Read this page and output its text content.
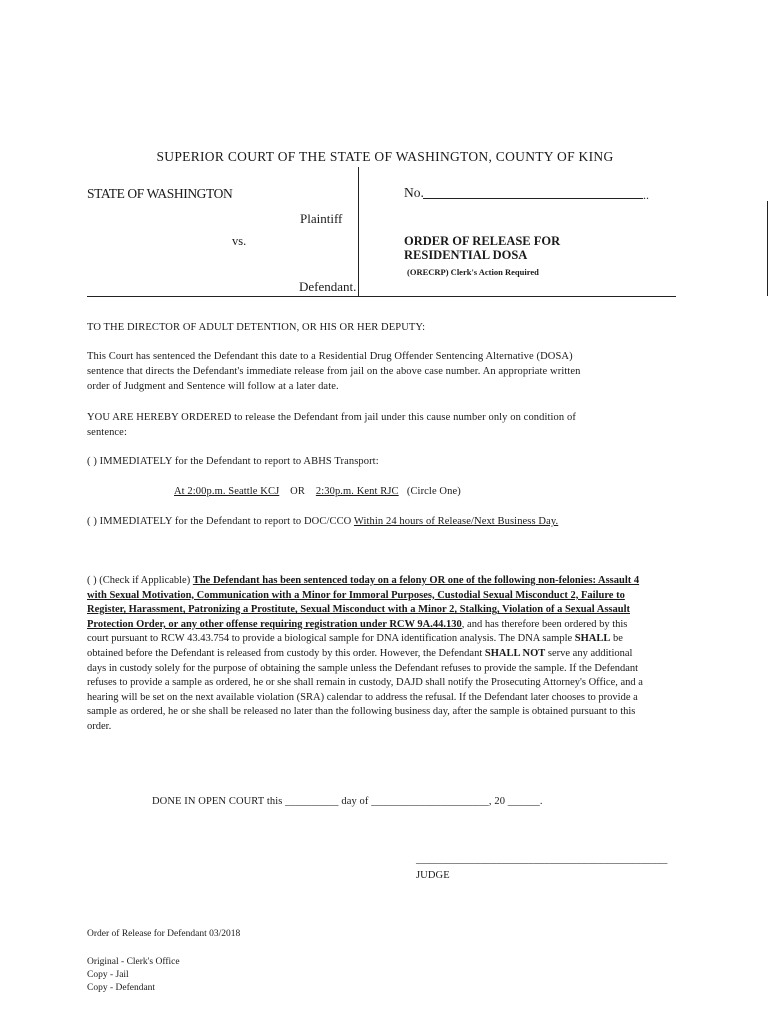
SUPERIOR COURT OF THE STATE OF WASHINGTON, COUNTY OF KING
STATE OF WASHINGTON	No.	..
Plaintiff
vs.	ORDER OF RELEASE FOR
RESIDENTIAL DOSA
(ORECRP) Clerk's Action Required
Defendant.
TO THE DIRECTOR OF ADULT DETENTION, OR HIS OR HER DEPUTY:
This Court has sentenced the Defendant this date to a Residential Drug Offender Sentencing Alternative (DOSA)
sentence that directs the Defendant's immediate release from jail on the above case number. An appropriate written
order of Judgment and Sentence will follow at a later date.
YOU ARE HEREBY ORDERED to release the Defendant from jail under this cause number only on condition of
sentence:
( ) IMMEDIATELY for the Defendant to report to ABHS Transport:
At 2:00p.m. Seattle KCJ OR 2:30p.m. Kent RJC (Circle One)
( ) IMMEDIATELY for the Defendant to report to DOC/CCO Within 24 hours of Release/Next Business Day.
( ) (Check if Applicable) The Defendant has been sentenced today on a felony OR one of the following non-felonies: Assault 4 with Sexual Motivation, Communication with a Minor for Immoral Purposes, Custodial Sexual Misconduct 2, Failure to Register, Harassment, Patronizing a Prostitute, Sexual Misconduct with a Minor 2, Stalking, Violation of a Sexual Assault Protection Order, or any other offense requiring registration under RCW 9A.44.130, and has therefore been ordered by this court pursuant to RCW 43.43.754 to provide a biological sample for DNA identification analysis. The DNA sample SHALL be obtained before the Defendant is released from custody by this order. However, the Defendant SHALL NOT serve any additional days in custody solely for the purpose of obtaining the sample unless the Defendant refuses to provide the sample. If the Defendant refuses to provide a sample as ordered, he or she shall remain in custody, DAJD shall notify the Prosecuting Attorney's Office, and a hearing will be set on the next available violation (SRA) calendar to address the refusal. If the Defendant later chooses to provide a sample as ordered, he or she shall be released no later than the following business day, after the sample is obtained pursuant to this order.
DONE IN OPEN COURT this __________ day of ______________________, 20 ______.
_______________________________________________
JUDGE
Order of Release for Defendant 03/2018
Original - Clerk's Office
Copy - Jail
Copy - Defendant
